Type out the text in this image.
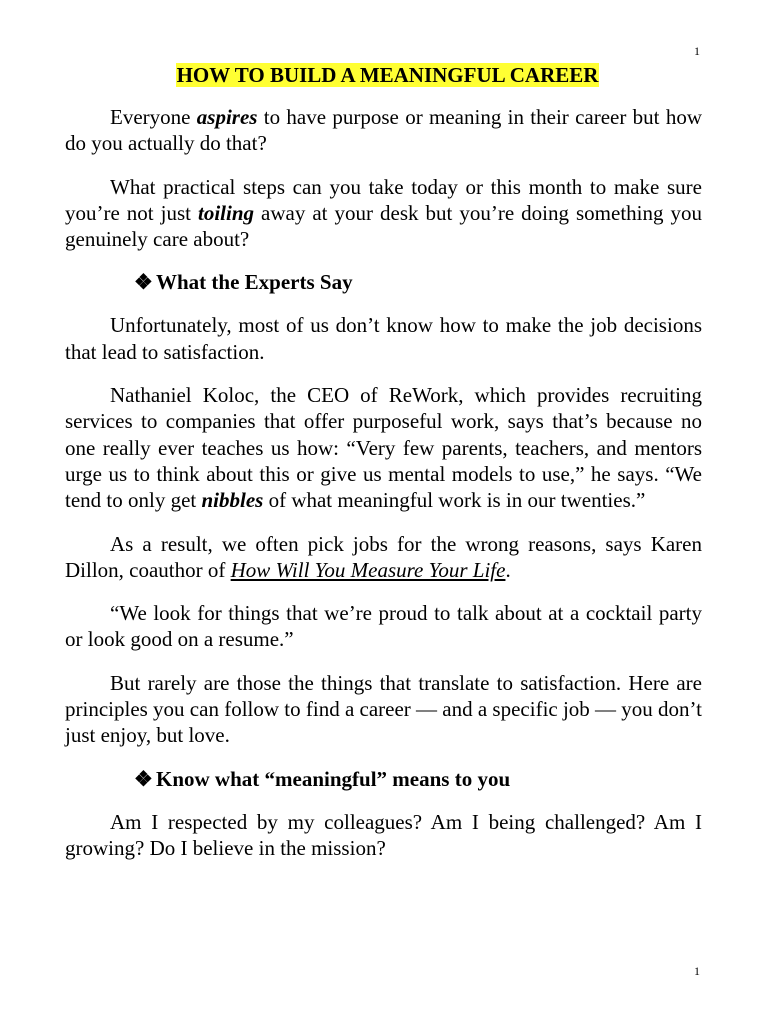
1
HOW TO BUILD A MEANINGFUL CAREER

Everyone aspires to have purpose or meaning in their career but how do you actually do that?

What practical steps can you take today or this month to make sure you’re not just toiling away at your desk but you’re doing something you genuinely care about?

❖ What the Experts Say

Unfortunately, most of us don’t know how to make the job decisions that lead to satisfaction.

Nathaniel Koloc, the CEO of ReWork, which provides recruiting services to companies that offer purposeful work, says that’s because no one really ever teaches us how: “Very few parents, teachers, and mentors urge us to think about this or give us mental models to use,” he says. “We tend to only get nibbles of what meaningful work is in our twenties.”

As a result, we often pick jobs for the wrong reasons, says Karen Dillon, coauthor of How Will You Measure Your Life.

“We look for things that we’re proud to talk about at a cocktail party or look good on a resume.”

But rarely are those the things that translate to satisfaction. Here are principles you can follow to find a career — and a specific job — you don’t just enjoy, but love.

❖ Know what “meaningful” means to you

Am I respected by my colleagues? Am I being challenged? Am I growing? Do I believe in the mission?

1
